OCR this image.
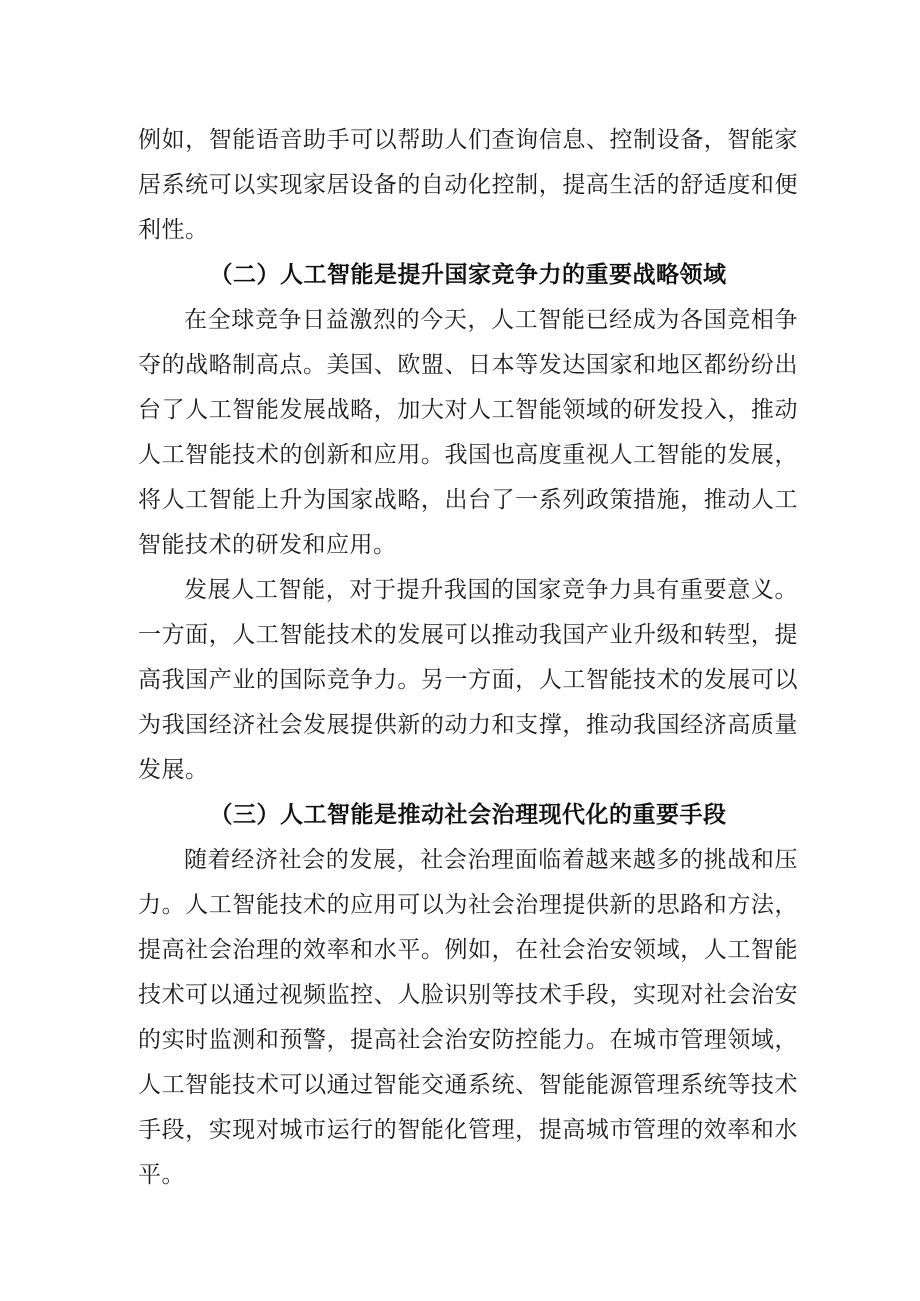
例如，智能语音助手可以帮助人们查询信息、控制设备，智能家居系统可以实现家居设备的自动化控制，提高生活的舒适度和便利性。

（二）人工智能是提升国家竞争力的重要战略领域

在全球竞争日益激烈的今天，人工智能已经成为各国竞相争夺的战略制高点。美国、欧盟、日本等发达国家和地区都纷纷出台了人工智能发展战略，加大对人工智能领域的研发投入，推动人工智能技术的创新和应用。我国也高度重视人工智能的发展，将人工智能上升为国家战略，出台了一系列政策措施，推动人工智能技术的研发和应用。

发展人工智能，对于提升我国的国家竞争力具有重要意义。一方面，人工智能技术的发展可以推动我国产业升级和转型，提高我国产业的国际竞争力。另一方面，人工智能技术的发展可以为我国经济社会发展提供新的动力和支撑，推动我国经济高质量发展。

（三）人工智能是推动社会治理现代化的重要手段

随着经济社会的发展，社会治理面临着越来越多的挑战和压力。人工智能技术的应用可以为社会治理提供新的思路和方法，提高社会治理的效率和水平。例如，在社会治安领域，人工智能技术可以通过视频监控、人脸识别等技术手段，实现对社会治安的实时监测和预警，提高社会治安防控能力。在城市管理领域，人工智能技术可以通过智能交通系统、智能能源管理系统等技术手段，实现对城市运行的智能化管理，提高城市管理的效率和水平。
